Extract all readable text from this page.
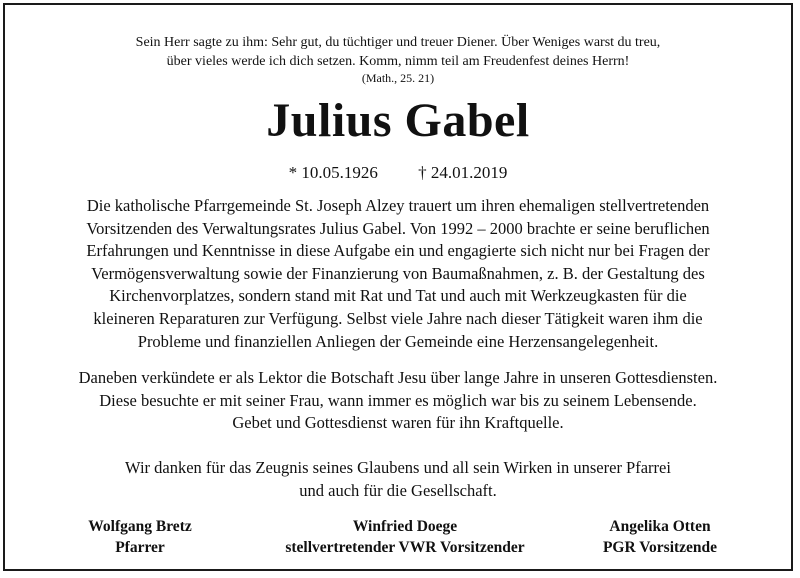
Sein Herr sagte zu ihm: Sehr gut, du tüchtiger und treuer Diener. Über Weniges warst du treu,
über vieles werde ich dich setzen. Komm, nimm teil am Freudenfest deines Herrn!
(Math., 25. 21)
Julius Gabel
* 10.05.1926 † 24.01.2019
Die katholische Pfarrgemeinde St. Joseph Alzey trauert um ihren ehemaligen stellvertretenden
Vorsitzenden des Verwaltungsrates Julius Gabel. Von 1992 – 2000 brachte er seine beruflichen
Erfahrungen und Kenntnisse in diese Aufgabe ein und engagierte sich nicht nur bei Fragen der
Vermögensverwaltung sowie der Finanzierung von Baumaßnahmen, z. B. der Gestaltung des
Kirchenvorplatzes, sondern stand mit Rat und Tat und auch mit Werkzeugkasten für die
kleineren Reparaturen zur Verfügung. Selbst viele Jahre nach dieser Tätigkeit waren ihm die
Probleme und finanziellen Anliegen der Gemeinde eine Herzensangelegenheit.
Daneben verkündete er als Lektor die Botschaft Jesu über lange Jahre in unseren Gottesdiensten.
Diese besuchte er mit seiner Frau, wann immer es möglich war bis zu seinem Lebensende.
Gebet und Gottesdienst waren für ihn Kraftquelle.
Wir danken für das Zeugnis seines Glaubens und all sein Wirken in unserer Pfarrei
und auch für die Gesellschaft.
Wolfgang Bretz
Pfarrer
Winfried Doege
stellvertretender VWR Vorsitzender
Angelika Otten
PGR Vorsitzende
